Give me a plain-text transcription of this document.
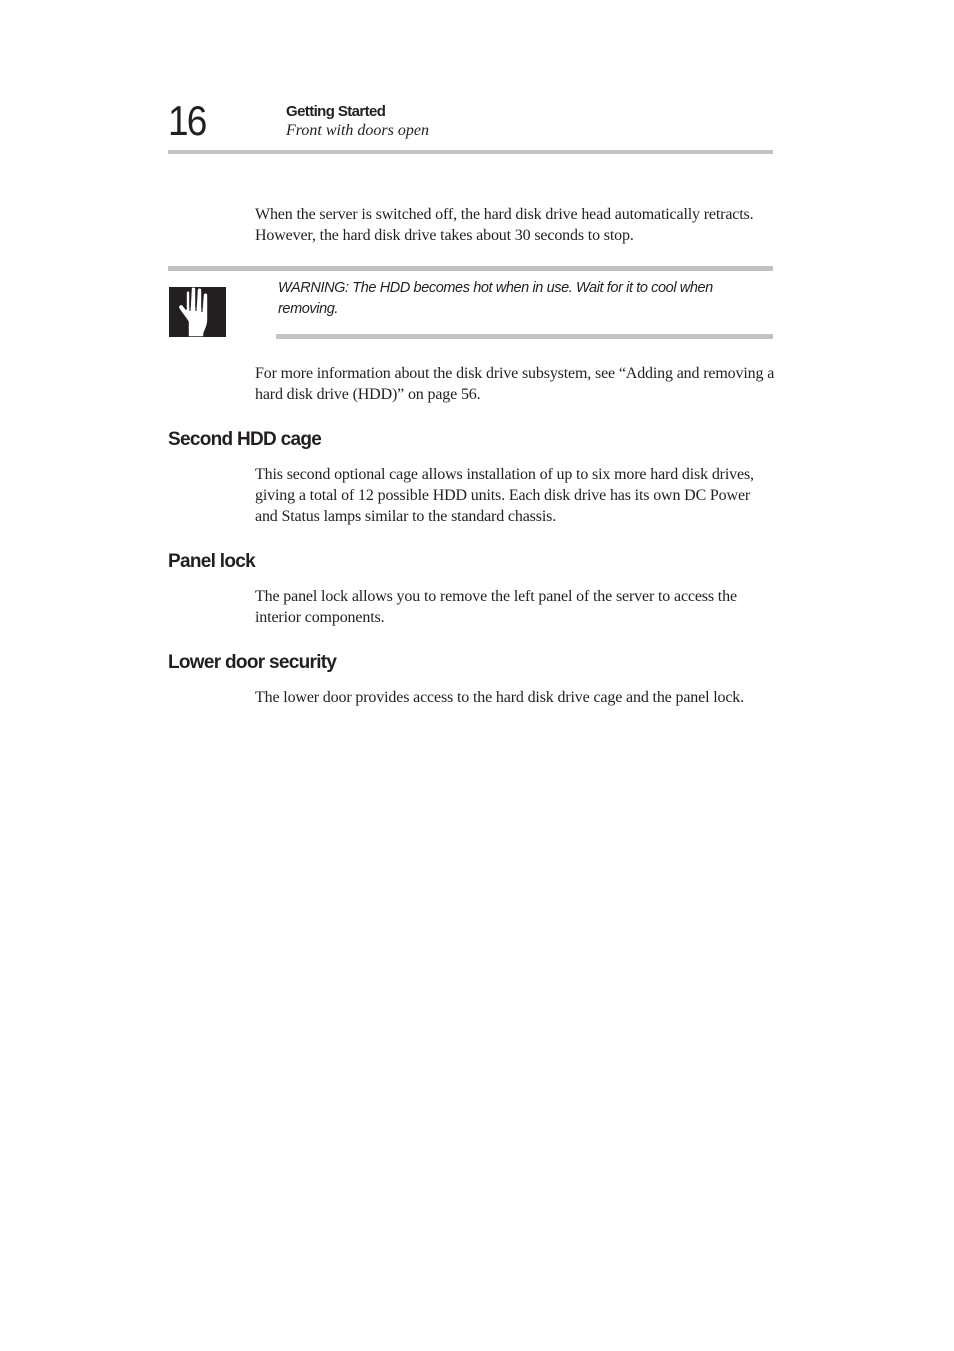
16	Getting Started
Front with doors open

When the server is switched off, the hard disk drive head automatically retracts. However, the hard disk drive takes about 30 seconds to stop.

WARNING: The HDD becomes hot when in use. Wait for it to cool when removing.

For more information about the disk drive subsystem, see “Adding and removing a hard disk drive (HDD)” on page 56.

Second HDD cage

This second optional cage allows installation of up to six more hard disk drives, giving a total of 12 possible HDD units. Each disk drive has its own DC Power and Status lamps similar to the standard chassis.

Panel lock

The panel lock allows you to remove the left panel of the server to access the interior components.

Lower door security

The lower door provides access to the hard disk drive cage and the panel lock.
